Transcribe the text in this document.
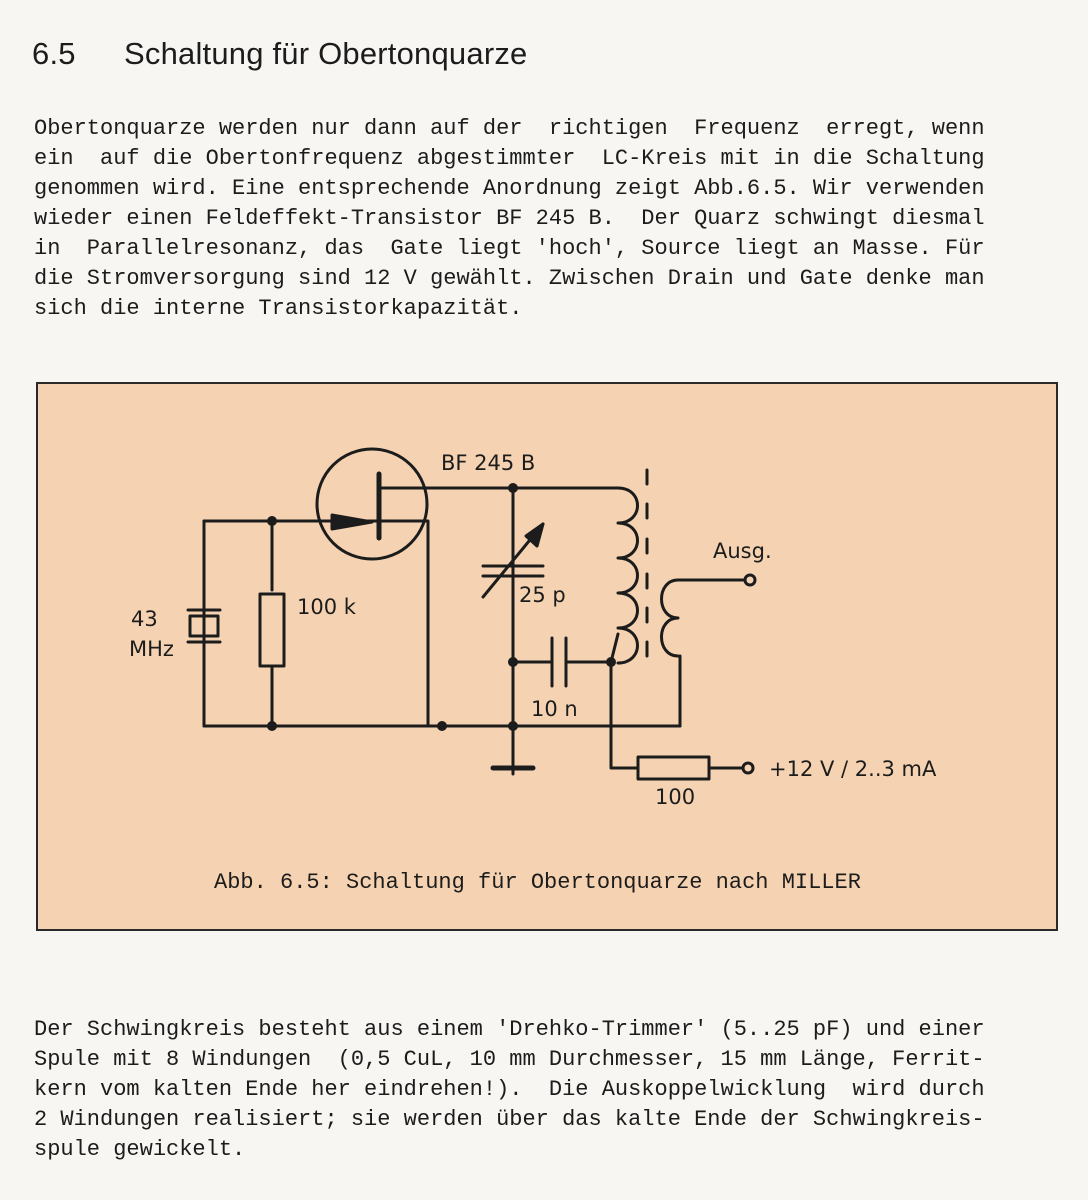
6.5 Schaltung für Obertonquarze
Obertonquarze werden nur dann auf der  richtigen  Frequenz  erregt, wenn
ein  auf die Obertonfrequenz abgestimmter  LC-Kreis mit in die Schaltung
genommen wird. Eine entsprechende Anordnung zeigt Abb.6.5. Wir verwenden
wieder einen Feldeffekt-Transistor BF 245 B.  Der Quarz schwingt diesmal
in  Parallelresonanz, das  Gate liegt 'hoch', Source liegt an Masse. Für
die Stromversorgung sind 12 V gewählt. Zwischen Drain und Gate denke man
sich die interne Transistorkapazität.
BF 245 B
43
MHz
100 k	25 p
10 n
Ausg.
+12 V / 2..3 mA
100
Abb. 6.5: Schaltung für Obertonquarze nach MILLER
Der Schwingkreis besteht aus einem 'Drehko-Trimmer' (5..25 pF) und einer
Spule mit 8 Windungen  (0,5 CuL, 10 mm Durchmesser, 15 mm Länge, Ferrit-
kern vom kalten Ende her eindrehen!).  Die Auskoppelwicklung  wird durch
2 Windungen realisiert; sie werden über das kalte Ende der Schwingkreis-
spule gewickelt.
